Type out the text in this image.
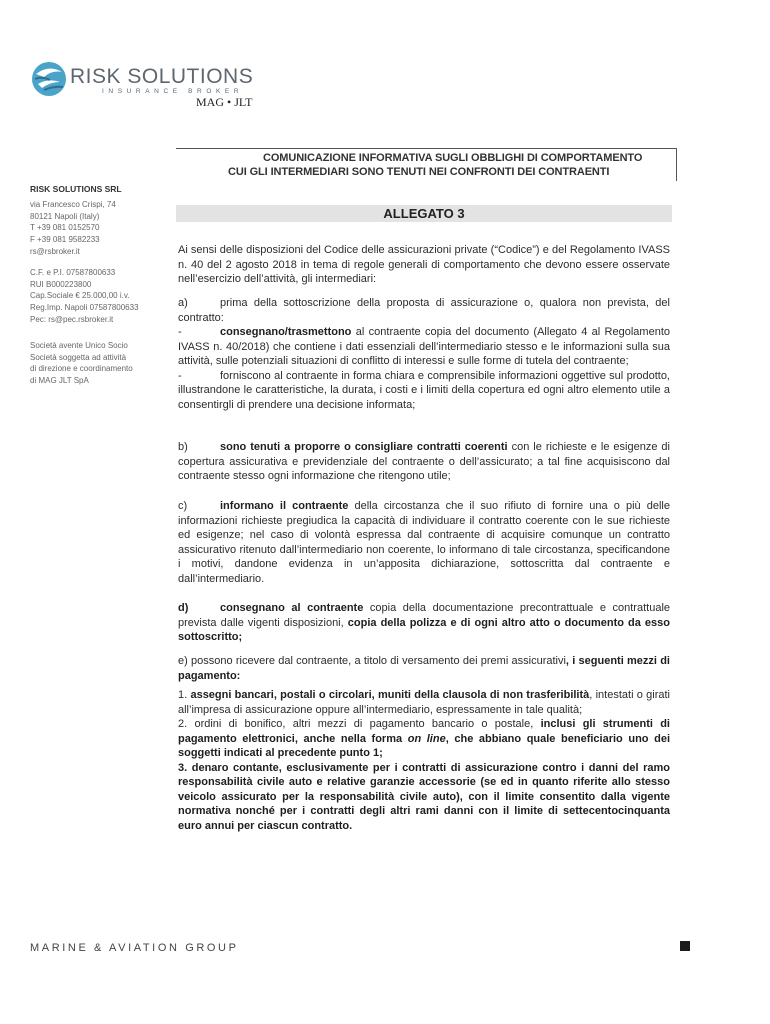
RISK SOLUTIONS
INSURANCE BROKER
MAG • JLT
COMUNICAZIONE INFORMATIVA SUGLI OBBLIGHI DI COMPORTAMENTO
CUI GLI INTERMEDIARI SONO TENUTI NEI CONFRONTI DEI CONTRAENTI
RISK SOLUTIONS SRL
via Francesco Crispi, 74
80121 Napoli (Italy)
T +39 081 0152570
F +39 081 9582233
rs@rsbroker.it
C.F. e P.I. 07587800633
RUI B000223800
Cap.Sociale € 25.000,00 i.v.
Reg.Imp. Napoli 07587800633
Pec: rs@pec.rsbroker.it
Società avente Unico Socio
Società soggetta ad attività
di direzione e coordinamento
di MAG JLT SpA
ALLEGATO 3
Ai sensi delle disposizioni del Codice delle assicurazioni private (“Codice”) e del Regolamento IVASS n. 40 del 2 agosto 2018 in tema di regole generali di comportamento che devono essere osservate nell’esercizio dell’attività, gli intermediari:
a)	prima della sottoscrizione della proposta di assicurazione o, qualora non prevista, del contratto:
-	consegnano/trasmettono al contraente copia del documento (Allegato 4 al Regolamento IVASS n. 40/2018) che contiene i dati essenziali dell’intermediario stesso e le informazioni sulla sua attività, sulle potenziali situazioni di conflitto di interessi e sulle forme di tutela del contraente;
-	forniscono al contraente in forma chiara e comprensibile informazioni oggettive sul prodotto, illustrandone le caratteristiche, la durata, i costi e i limiti della copertura ed ogni altro elemento utile a consentirgli di prendere una decisione informata;
b)	sono tenuti a proporre o consigliare contratti coerenti con le richieste e le esigenze di copertura assicurativa e previdenziale del contraente o dell’assicurato; a tal fine acquisiscono dal contraente stesso ogni informazione che ritengono utile;
c)	informano il contraente della circostanza che il suo rifiuto di fornire una o più delle informazioni richieste pregiudica la capacità di individuare il contratto coerente con le sue richieste ed esigenze; nel caso di volontà espressa dal contraente di acquisire comunque un contratto assicurativo ritenuto dall’intermediario non coerente, lo informano di tale circostanza, specificandone i motivi, dandone evidenza in un’apposita dichiarazione, sottoscritta dal contraente e dall’intermediario.
d)	consegnano al contraente copia della documentazione precontrattuale e contrattuale prevista dalle vigenti disposizioni, copia della polizza e di ogni altro atto o documento da esso sottoscritto;
e) possono ricevere dal contraente, a titolo di versamento dei premi assicurativi, i seguenti mezzi di pagamento:
1. assegni bancari, postali o circolari, muniti della clausola di non trasferibilità, intestati o girati all’impresa di assicurazione oppure all’intermediario, espressamente in tale qualità;
2. ordini di bonifico, altri mezzi di pagamento bancario o postale, inclusi gli strumenti di pagamento elettronici, anche nella forma on line, che abbiano quale beneficiario uno dei soggetti indicati al precedente punto 1;
3. denaro contante, esclusivamente per i contratti di assicurazione contro i danni del ramo responsabilità civile auto e relative garanzie accessorie (se ed in quanto riferite allo stesso veicolo assicurato per la responsabilità civile auto), con il limite consentito dalla vigente normativa nonché per i contratti degli altri rami danni con il limite di settecentocinquanta euro annui per ciascun contratto.
MARINE & AVIATION GROUP
